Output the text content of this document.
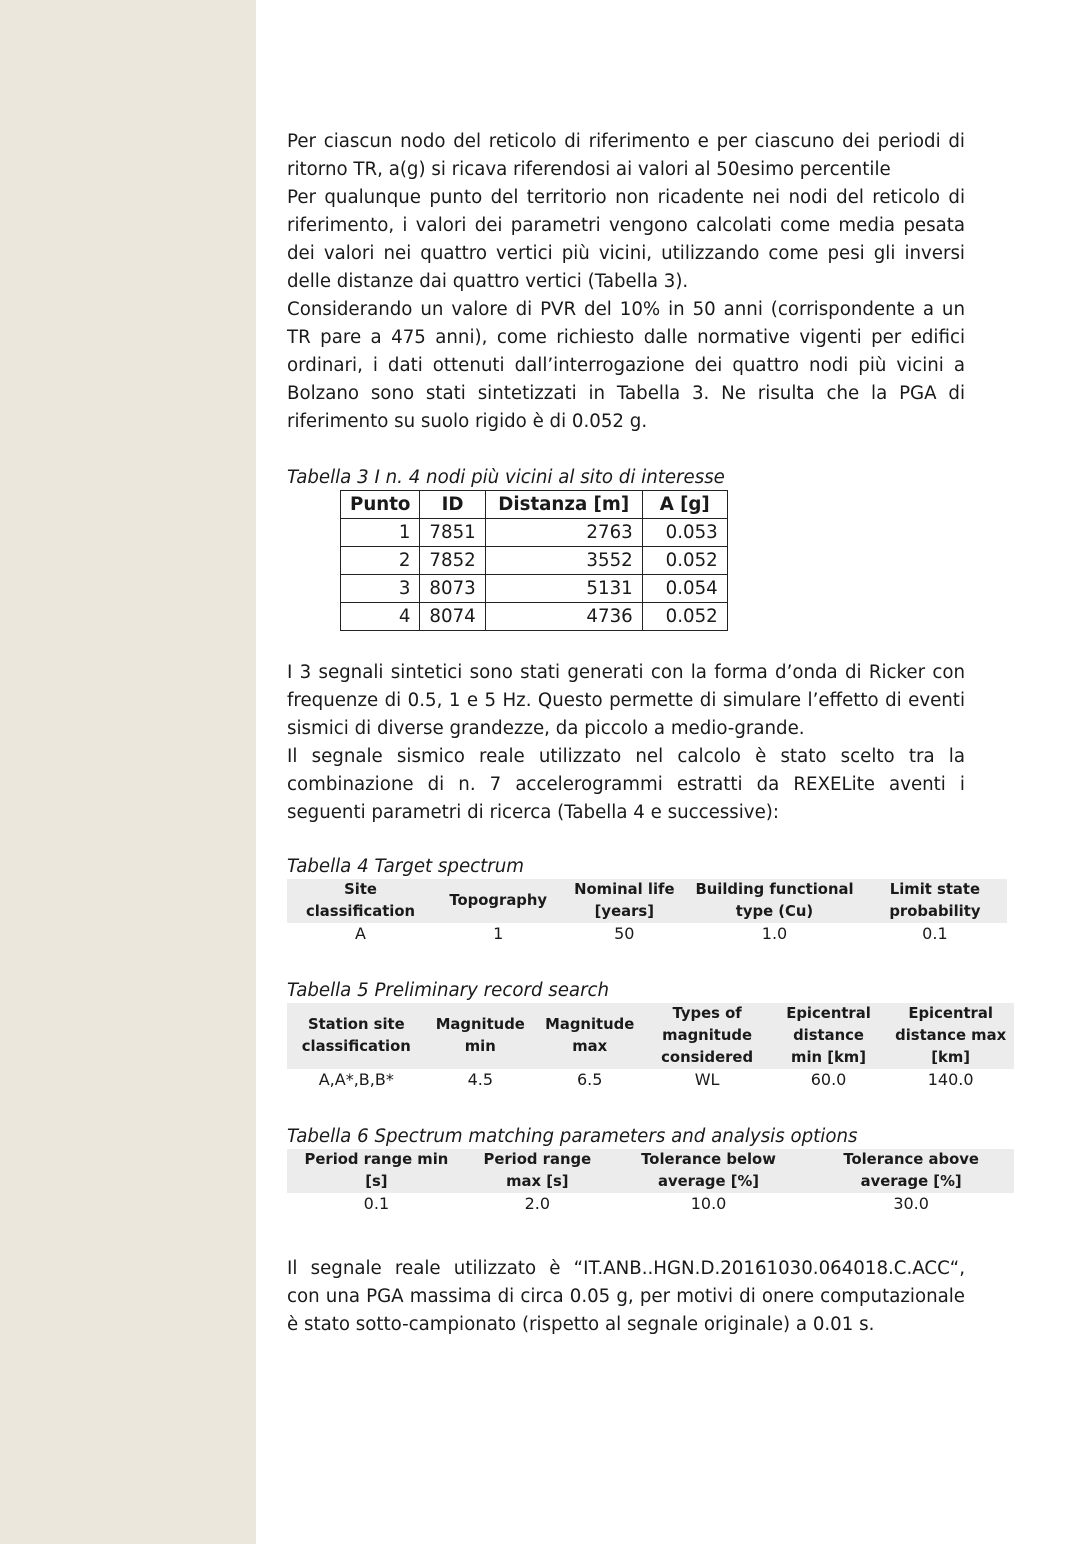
Per ciascun nodo del reticolo di riferimento e per ciascuno dei periodi di ritorno TR, a(g) si ricava riferendosi ai valori al 50esimo percentile

Per qualunque punto del territorio non ricadente nei nodi del reticolo di riferimento, i valori dei parametri vengono calcolati come media pesata dei valori nei quattro vertici più vicini, utilizzando come pesi gli inversi delle distanze dai quattro vertici (Tabella 3).

Considerando un valore di PVR del 10% in 50 anni (corrispondente a un TR pare a 475 anni), come richiesto dalle normative vigenti per edifici ordinari, i dati ottenuti dall’interrogazione dei quattro nodi più vicini a Bolzano sono stati sintetizzati in Tabella 3. Ne risulta che la PGA di riferimento su suolo rigido è di 0.052 g.

Tabella 3 I n. 4 nodi più vicini al sito di interesse

Punto	ID	Distanza [m]	A [g]
1	7851	2763	0.053
2	7852	3552	0.052
3	8073	5131	0.054
4	8074	4736	0.052

I 3 segnali sintetici sono stati generati con la forma d’onda di Ricker con frequenze di 0.5, 1 e 5 Hz. Questo permette di simulare l’effetto di eventi sismici di diverse grandezze, da piccolo a medio-grande.

Il segnale sismico reale utilizzato nel calcolo è stato scelto tra la combinazione di n. 7 accelerogrammi estratti da REXELite aventi i seguenti parametri di ricerca (Tabella 4 e successive):

Tabella 4 Target spectrum

Site classification	Topography	Nominal life [years]	Building functional type (Cu)	Limit state probability
A	1	50	1.0	0.1

Tabella 5 Preliminary record search

Station site classification	Magnitude min	Magnitude max	Types of magnitude considered	Epicentral distance min [km]	Epicentral distance max [km]
A,A*,B,B*	4.5	6.5	WL	60.0	140.0

Tabella 6 Spectrum matching parameters and analysis options

Period range min [s]	Period range max [s]	Tolerance below average [%]	Tolerance above average [%]
0.1	2.0	10.0	30.0

Il segnale reale utilizzato è “IT.ANB..HGN.D.20161030.064018.C.ACC“, con una PGA massima di circa 0.05 g, per motivi di onere computazionale è stato sotto-campionato (rispetto al segnale originale) a 0.01 s.
